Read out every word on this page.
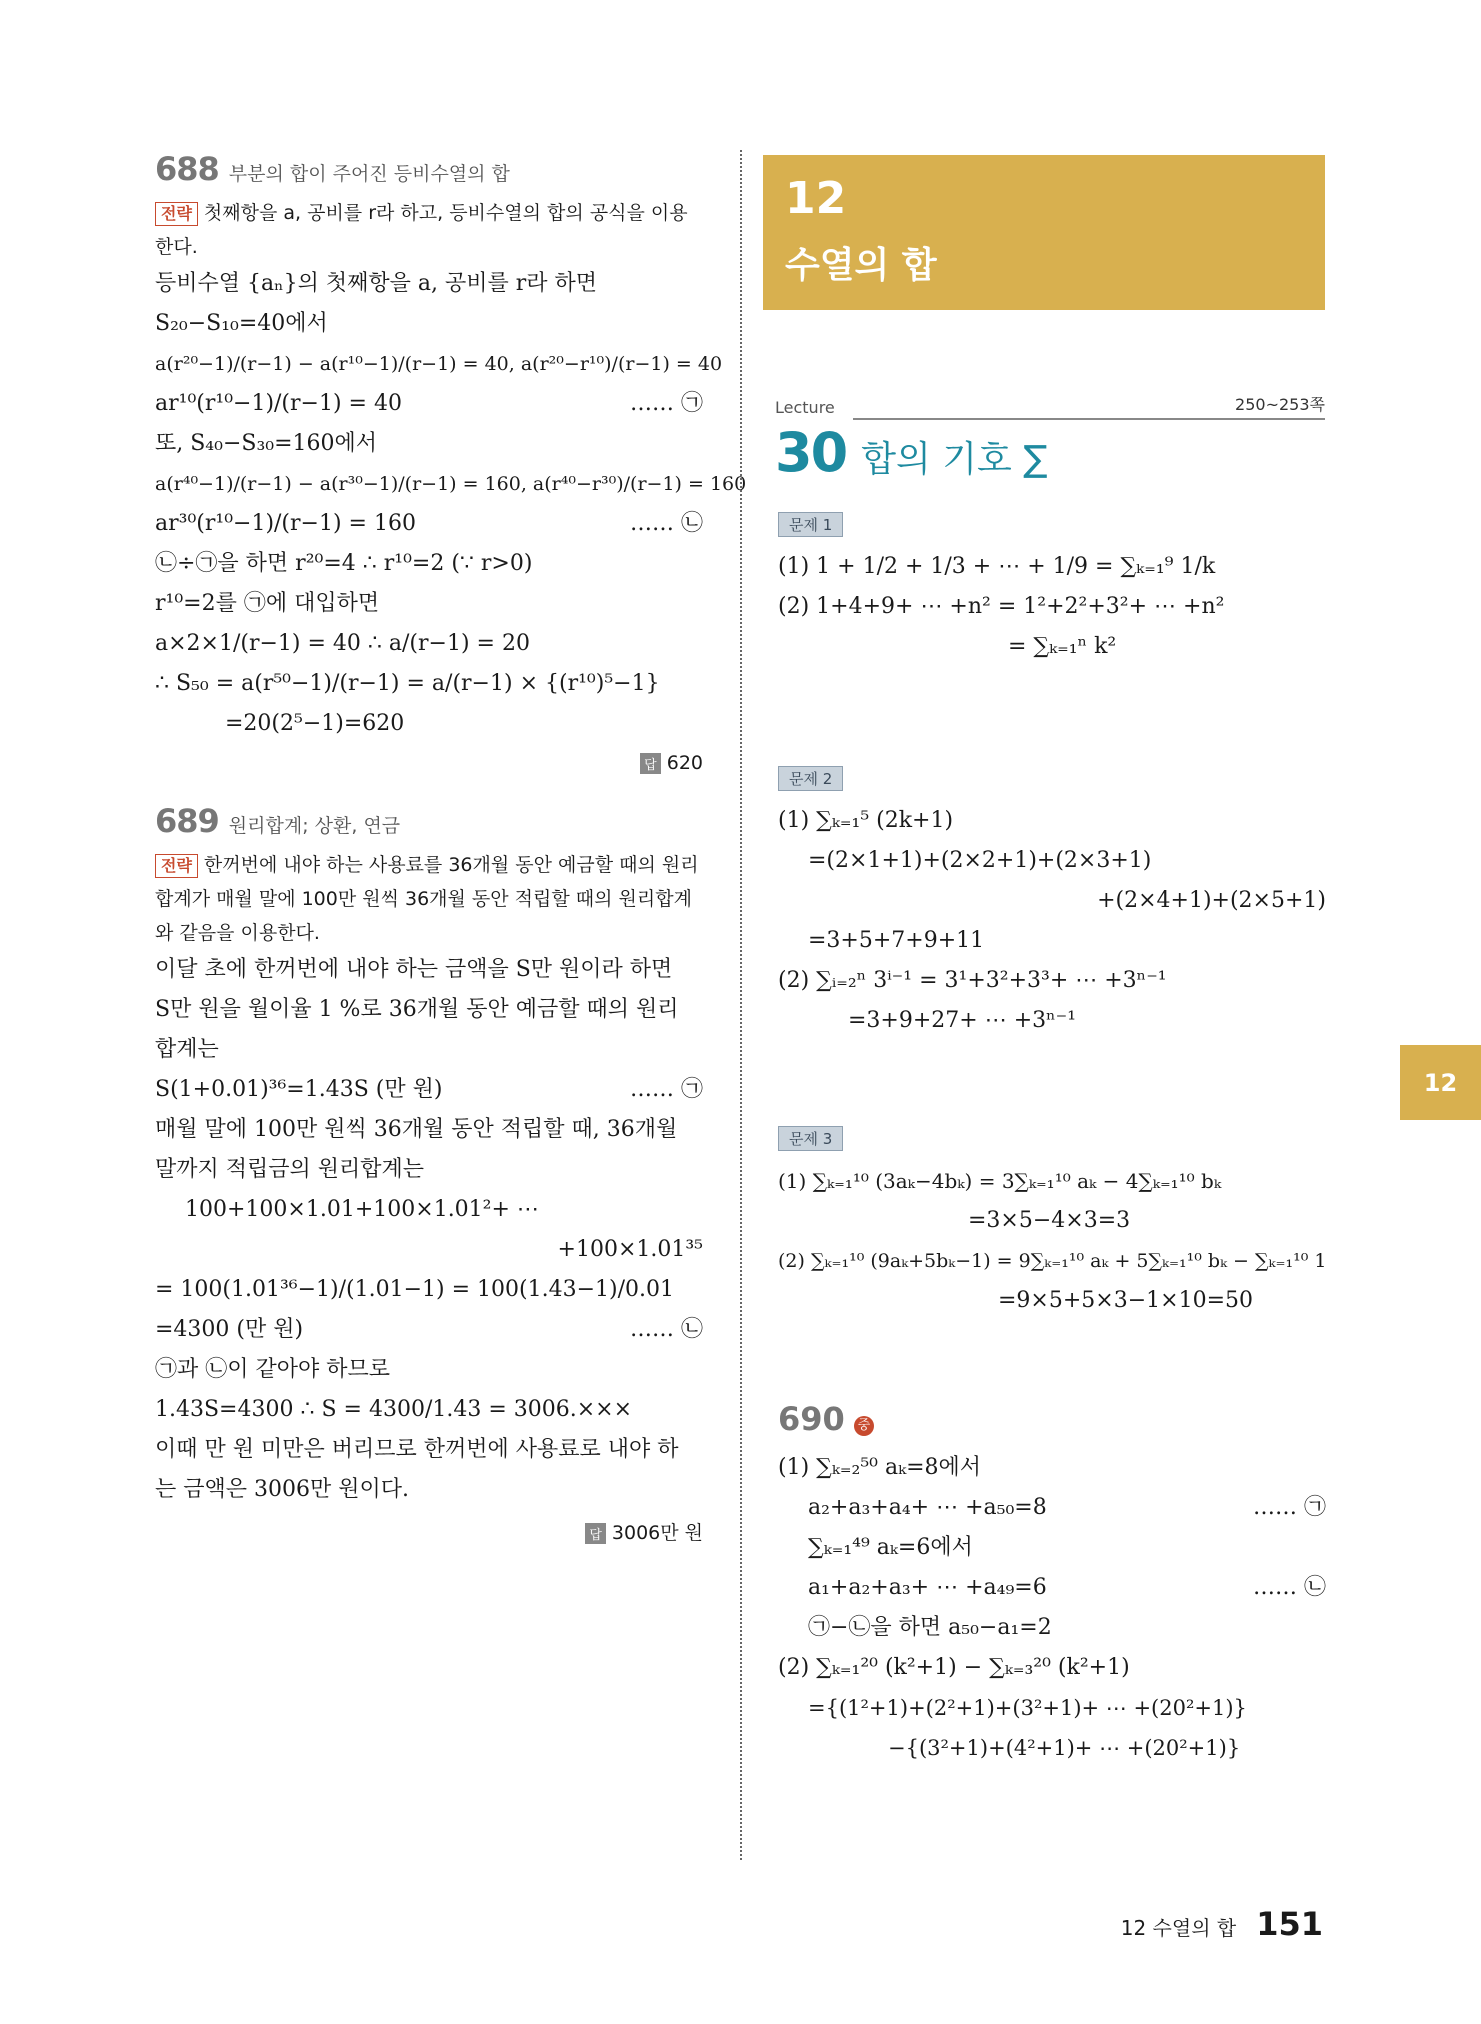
688 부분의 합이 주어진 등비수열의 합
전략 첫째항을 a, 공비를 r라 하고, 등비수열의 합의 공식을 이용한다.
등비수열 {aₙ}의 첫째항을 a, 공비를 r라 하면
S₂₀−S₁₀=40에서
a(r²⁰−1)/(r−1) − a(r¹⁰−1)/(r−1) = 40, a(r²⁰−r¹⁰)/(r−1) = 40
ar¹⁰(r¹⁰−1)/(r−1) = 40	…… ㉠
또, S₄₀−S₃₀=160에서
a(r⁴⁰−1)/(r−1) − a(r³⁰−1)/(r−1) = 160, a(r⁴⁰−r³⁰)/(r−1) = 160
ar³⁰(r¹⁰−1)/(r−1) = 160	…… ㉡
㉡÷㉠을 하면 r²⁰=4 ∴ r¹⁰=2 (∵ r>0)
r¹⁰=2를 ㉠에 대입하면
a×2×1/(r−1) = 40 ∴ a/(r−1) = 20
∴ S₅₀ = a(r⁵⁰−1)/(r−1) = a/(r−1) × {(r¹⁰)⁵−1}
=20(2⁵−1)=620
답 620
689 원리합계; 상환, 연금
전략 한꺼번에 내야 하는 사용료를 36개월 동안 예금할 때의 원리합계가 매월 말에 100만 원씩 36개월 동안 적립할 때의 원리합계와 같음을 이용한다.
이달 초에 한꺼번에 내야 하는 금액을 S만 원이라 하면
S만 원을 월이율 1 %로 36개월 동안 예금할 때의 원리
합계는
S(1+0.01)³⁶=1.43S (만 원)	…… ㉠
매월 말에 100만 원씩 36개월 동안 적립할 때, 36개월
말까지 적립금의 원리합계는
100+100×1.01+100×1.01²+ ⋯
+100×1.01³⁵
= 100(1.01³⁶−1)/(1.01−1) = 100(1.43−1)/0.01
=4300 (만 원)	…… ㉡
㉠과 ㉡이 같아야 하므로
1.43S=4300 ∴ S = 4300/1.43 = 3006.×××
이때 만 원 미만은 버리므로 한꺼번에 사용료로 내야 하
는 금액은 3006만 원이다.
답 3006만 원
12
수열의 합
Lecture	250~253쪽
30 합의 기호 ∑
문제 1
(1) 1 + 1/2 + 1/3 + ⋯ + 1/9 = ∑ₖ₌₁⁹ 1/k
(2) 1+4+9+ ⋯ +n² = 1²+2²+3²+ ⋯ +n²
= ∑ₖ₌₁ⁿ k²
문제 2
(1) ∑ₖ₌₁⁵ (2k+1)
=(2×1+1)+(2×2+1)+(2×3+1)
+(2×4+1)+(2×5+1)
=3+5+7+9+11
(2) ∑ᵢ₌₂ⁿ 3ⁱ⁻¹ = 3¹+3²+3³+ ⋯ +3ⁿ⁻¹
=3+9+27+ ⋯ +3ⁿ⁻¹
문제 3
(1) ∑ₖ₌₁¹⁰ (3aₖ−4bₖ) = 3∑ₖ₌₁¹⁰ aₖ − 4∑ₖ₌₁¹⁰ bₖ
=3×5−4×3=3
(2) ∑ₖ₌₁¹⁰ (9aₖ+5bₖ−1) = 9∑ₖ₌₁¹⁰ aₖ + 5∑ₖ₌₁¹⁰ bₖ − ∑ₖ₌₁¹⁰ 1
=9×5+5×3−1×10=50
690 중
(1) ∑ₖ₌₂⁵⁰ aₖ=8에서
a₂+a₃+a₄+ ⋯ +a₅₀=8	…… ㉠
∑ₖ₌₁⁴⁹ aₖ=6에서
a₁+a₂+a₃+ ⋯ +a₄₉=6	…… ㉡
㉠−㉡을 하면 a₅₀−a₁=2
(2) ∑ₖ₌₁²⁰ (k²+1) − ∑ₖ₌₃²⁰ (k²+1)
={(1²+1)+(2²+1)+(3²+1)+ ⋯ +(20²+1)}
−{(3²+1)+(4²+1)+ ⋯ +(20²+1)}
12
12 수열의 합 151
